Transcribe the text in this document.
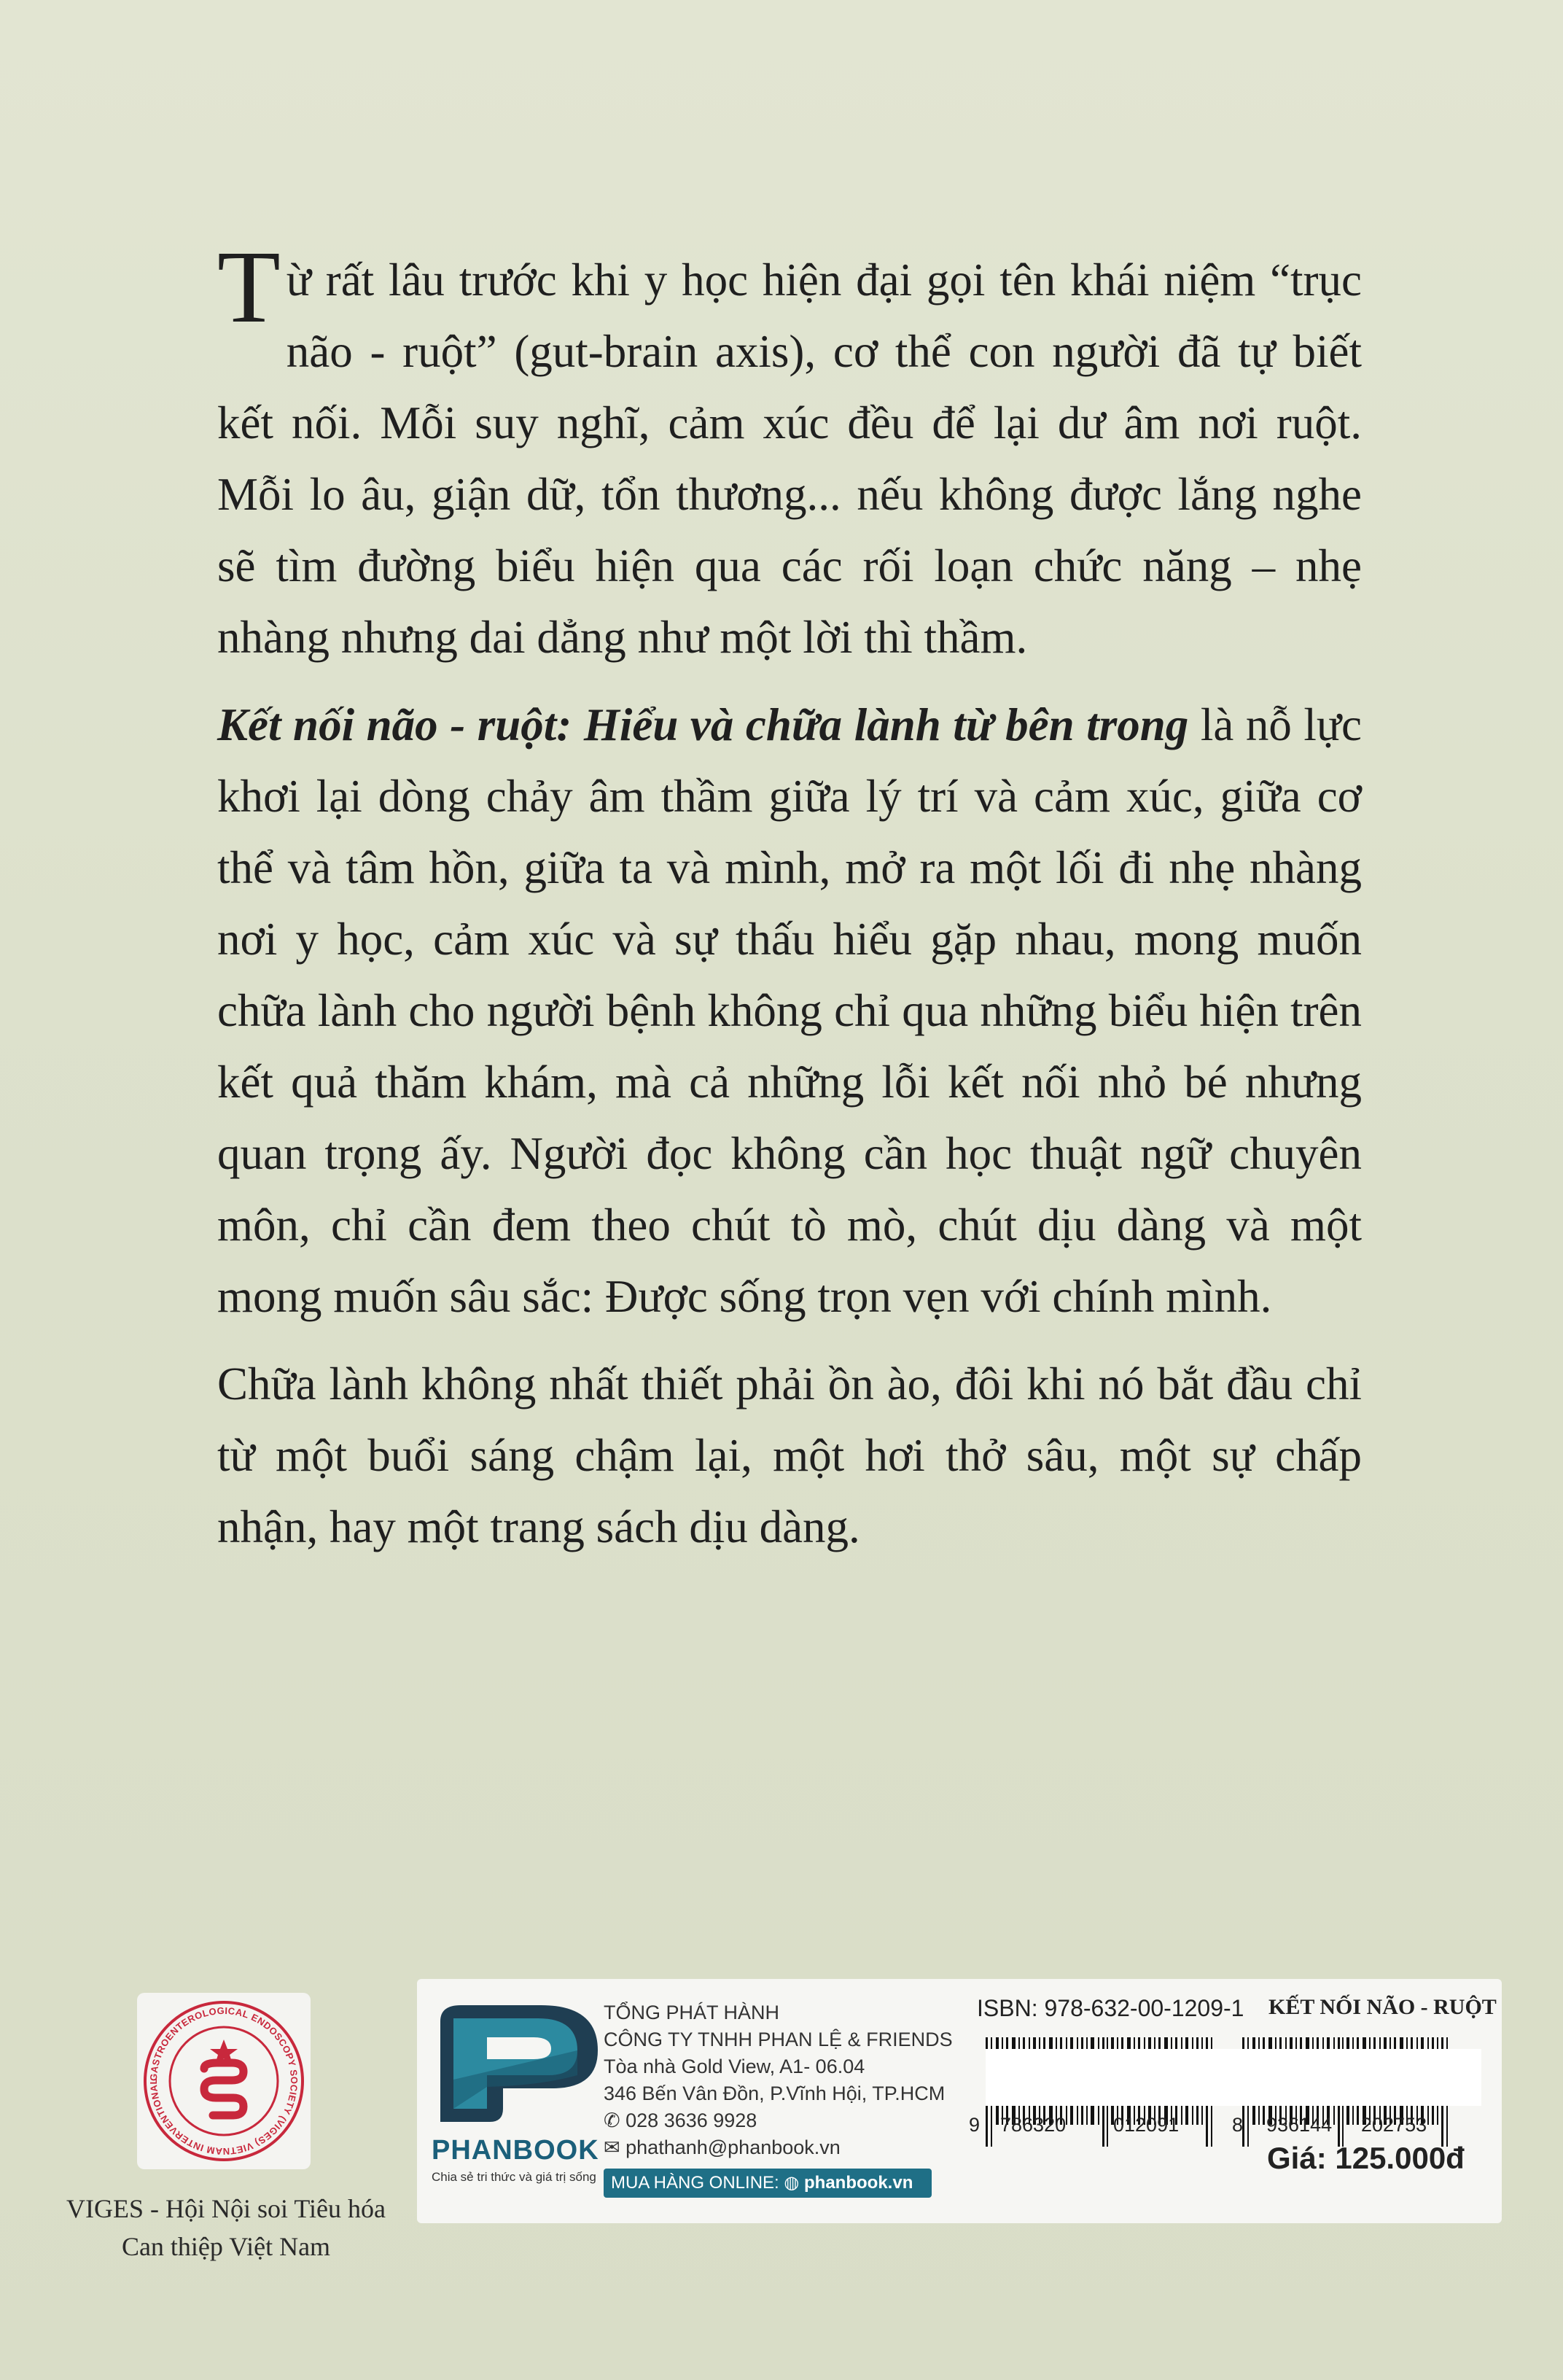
Từ rất lâu trước khi y học hiện đại gọi tên khái niệm “trục não - ruột” (gut-brain axis), cơ thể con người đã tự biết kết nối. Mỗi suy nghĩ, cảm xúc đều để lại dư âm nơi ruột. Mỗi lo âu, giận dữ, tổn thương... nếu không được lắng nghe sẽ tìm đường biểu hiện qua các rối loạn chức năng – nhẹ nhàng nhưng dai dẳng như một lời thì thầm.

Kết nối não - ruột: Hiểu và chữa lành từ bên trong là nỗ lực khơi lại dòng chảy âm thầm giữa lý trí và cảm xúc, giữa cơ thể và tâm hồn, giữa ta và mình, mở ra một lối đi nhẹ nhàng nơi y học, cảm xúc và sự thấu hiểu gặp nhau, mong muốn chữa lành cho người bệnh không chỉ qua những biểu hiện trên kết quả thăm khám, mà cả những lỗi kết nối nhỏ bé nhưng quan trọng ấy. Người đọc không cần học thuật ngữ chuyên môn, chỉ cần đem theo chút tò mò, chút dịu dàng và một mong muốn sâu sắc: Được sống trọn vẹn với chính mình.

Chữa lành không nhất thiết phải ồn ào, đôi khi nó bắt đầu chỉ từ một buổi sáng chậm lại, một hơi thở sâu, một sự chấp nhận, hay một trang sách dịu dàng.

GASTROENTEROLOGICAL ENDOSCOPY SOCIETY (VIGES) VIETNAM INTERVENTIONAL
VIGES - Hội Nội soi Tiêu hóa
Can thiệp Việt Nam
PHANBOOK
Chia sẻ tri thức và giá trị sống
TỔNG PHÁT HÀNH
CÔNG TY TNHH PHAN LỆ & FRIENDS
Tòa nhà Gold View, A1- 06.04
346 Bến Vân Đồn, P.Vĩnh Hội, TP.HCM
✆ 028 3636 9928
✉ phathanh@phanbook.vn
MUA HÀNG ONLINE: ◍ phanbook.vn
ISBN: 978-632-00-1209-1 KẾT NỐI NÃO - RUỘT
9 786320 012091	8 936144 202753
Giá: 125.000đ
